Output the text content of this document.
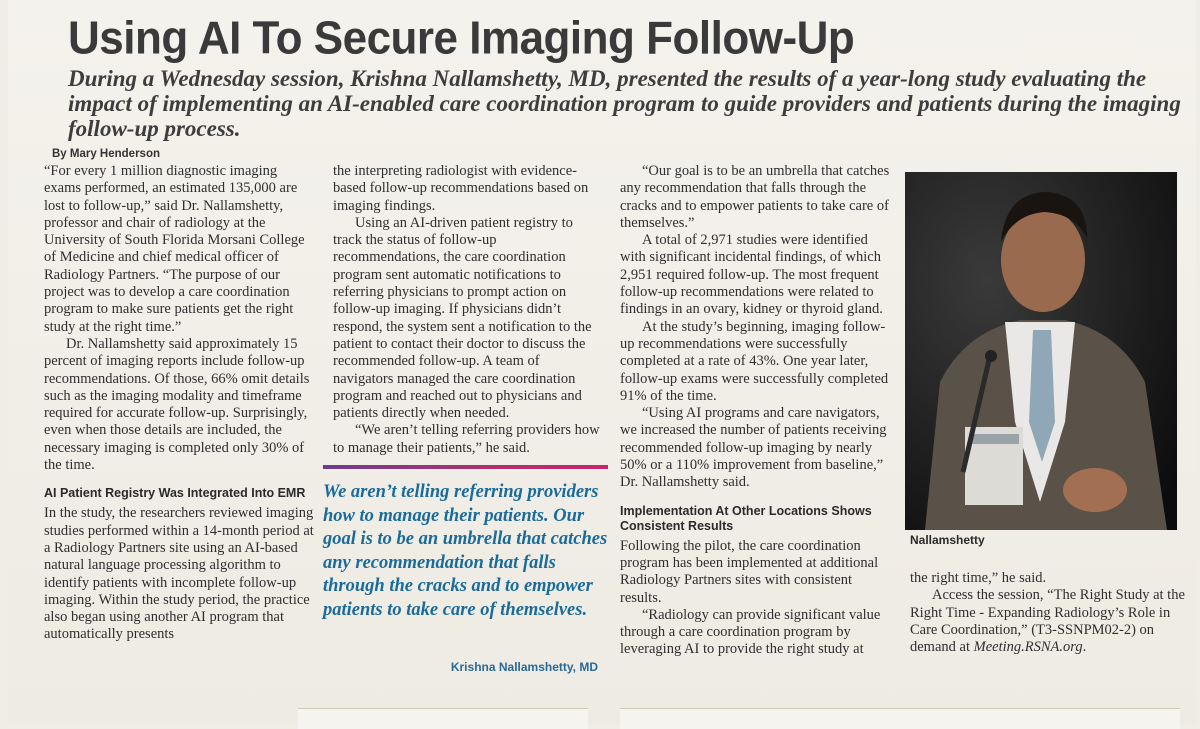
Using AI To Secure Imaging Follow-Up

During a Wednesday session, Krishna Nallamshetty, MD, presented the results of a year-long study evaluating the impact of implementing an AI-enabled care coordination program to guide providers and patients during the imaging follow-up process.

By Mary Henderson

“For every 1 million diagnostic imaging exams performed, an estimated 135,000 are lost to follow-up,” said Dr. Nallamshetty, professor and chair of radiology at the University of South Florida Morsani College of Medicine and chief medical officer of Radiology Partners. “The purpose of our project was to develop a care coordination program to make sure patients get the right study at the right time.”

Dr. Nallamshetty said approximately 15 percent of imaging reports include follow-up recommendations. Of those, 66% omit details such as the imaging modality and timeframe required for accurate follow-up. Surprisingly, even when those details are included, the necessary imaging is completed only 30% of the time.

AI Patient Registry Was Integrated Into EMR

In the study, the researchers reviewed imaging studies performed within a 14-month period at a Radiology Partners site using an AI-based natural language processing algorithm to identify patients with incomplete follow-up imaging. Within the study period, the practice also began using another AI program that automatically presents

the interpreting radiologist with evidence-based follow-up recommendations based on imaging findings.

Using an AI-driven patient registry to track the status of follow-up recommendations, the care coordination program sent automatic notifications to referring physicians to prompt action on follow-up imaging. If physicians didn’t respond, the system sent a notification to the patient to contact their doctor to discuss the recommended follow-up. A team of navigators managed the care coordination program and reached out to physicians and patients directly when needed.

“We aren’t telling referring providers how to manage their patients,” he said.

We aren’t telling referring providers how to manage their patients. Our goal is to be an umbrella that catches any recommendation that falls through the cracks and to empower patients to take care of themselves.

Krishna Nallamshetty, MD

“Our goal is to be an umbrella that catches any recommendation that falls through the cracks and to empower patients to take care of themselves.”

A total of 2,971 studies were identified with significant incidental findings, of which 2,951 required follow-up. The most frequent follow-up recommendations were related to findings in an ovary, kidney or thyroid gland.

At the study’s beginning, imaging follow-up recommendations were successfully completed at a rate of 43%. One year later, follow-up exams were successfully completed 91% of the time.

“Using AI programs and care navigators, we increased the number of patients receiving recommended follow-up imaging by nearly 50% or a 110% improvement from baseline,” Dr. Nallamshetty said.

Implementation At Other Locations Shows Consistent Results

Following the pilot, the care coordination program has been implemented at additional Radiology Partners sites with consistent results.

“Radiology can provide significant value through a care coordination program by leveraging AI to provide the right study at

Nallamshetty

the right time,” he said.

Access the session, “The Right Study at the Right Time - Expanding Radiology’s Role in Care Coordination,” (T3-SSNPM02-2) on demand at Meeting.RSNA.org.
